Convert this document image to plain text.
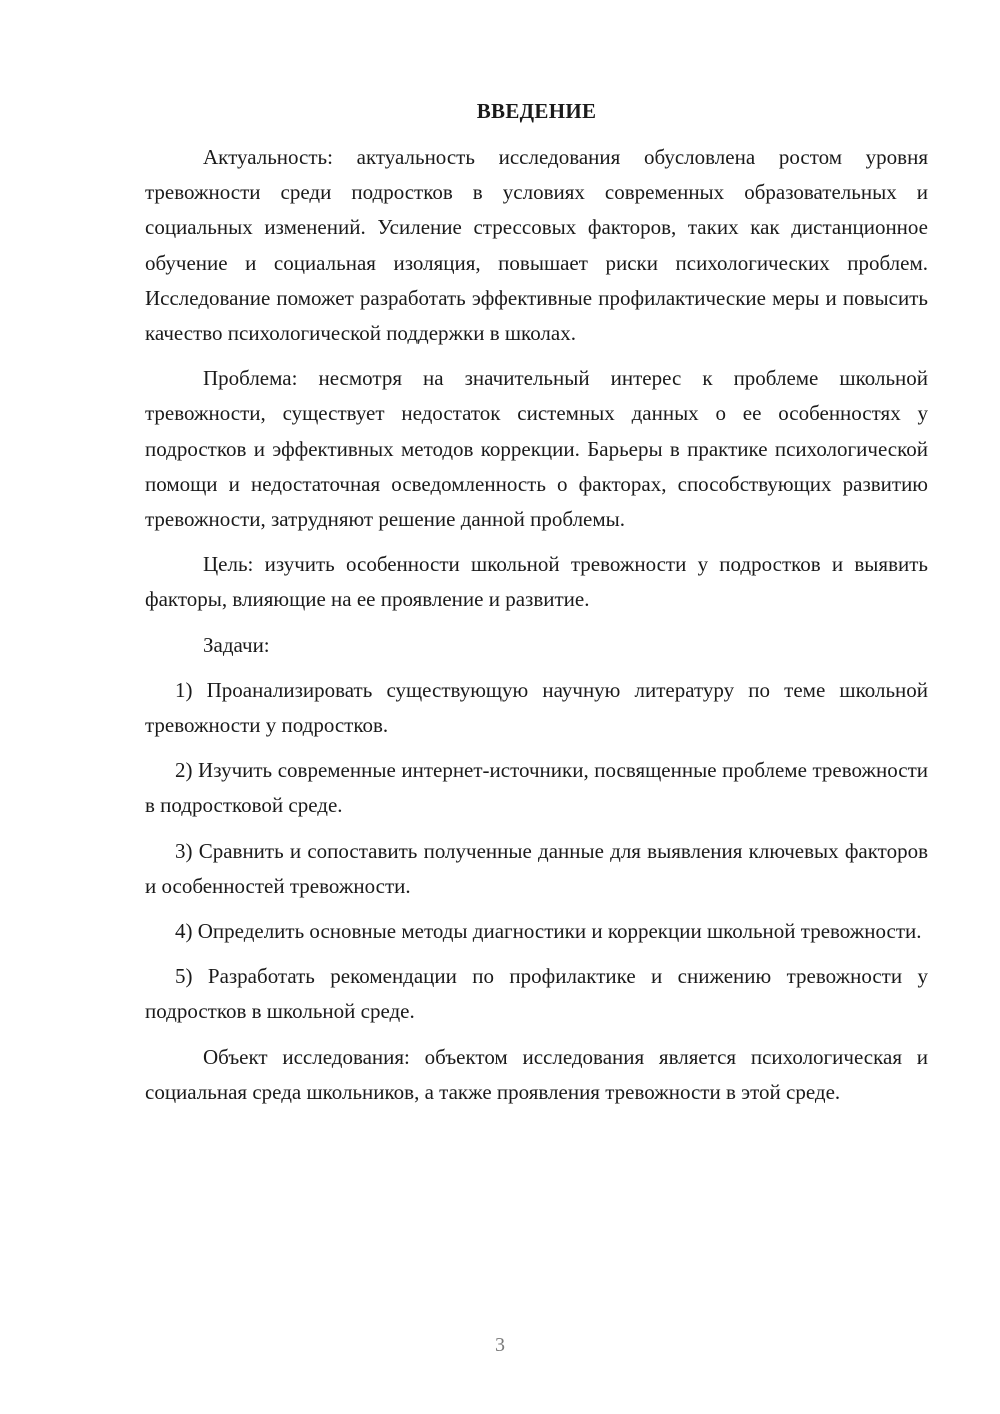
ВВЕДЕНИЕ

Актуальность: актуальность исследования обусловлена ростом уровня тревожности среди подростков в условиях современных образовательных и социальных изменений. Усиление стрессовых факторов, таких как дистанционное обучение и социальная изоляция, повышает риски психологических проблем. Исследование поможет разработать эффективные профилактические меры и повысить качество психологической поддержки в школах.

Проблема: несмотря на значительный интерес к проблеме школьной тревожности, существует недостаток системных данных о ее особенностях у подростков и эффективных методов коррекции. Барьеры в практике психологической помощи и недостаточная осведомленность о факторах, способствующих развитию тревожности, затрудняют решение данной проблемы.

Цель: изучить особенности школьной тревожности у подростков и выявить факторы, влияющие на ее проявление и развитие.

Задачи:

1) Проанализировать существующую научную литературу по теме школьной тревожности у подростков.

2) Изучить современные интернет-источники, посвященные проблеме тревожности в подростковой среде.

3) Сравнить и сопоставить полученные данные для выявления ключевых факторов и особенностей тревожности.

4) Определить основные методы диагностики и коррекции школьной тревожности.

5) Разработать рекомендации по профилактике и снижению тревожности у подростков в школьной среде.

Объект исследования: объектом исследования является психологическая и социальная среда школьников, а также проявления тревожности в этой среде.

3
